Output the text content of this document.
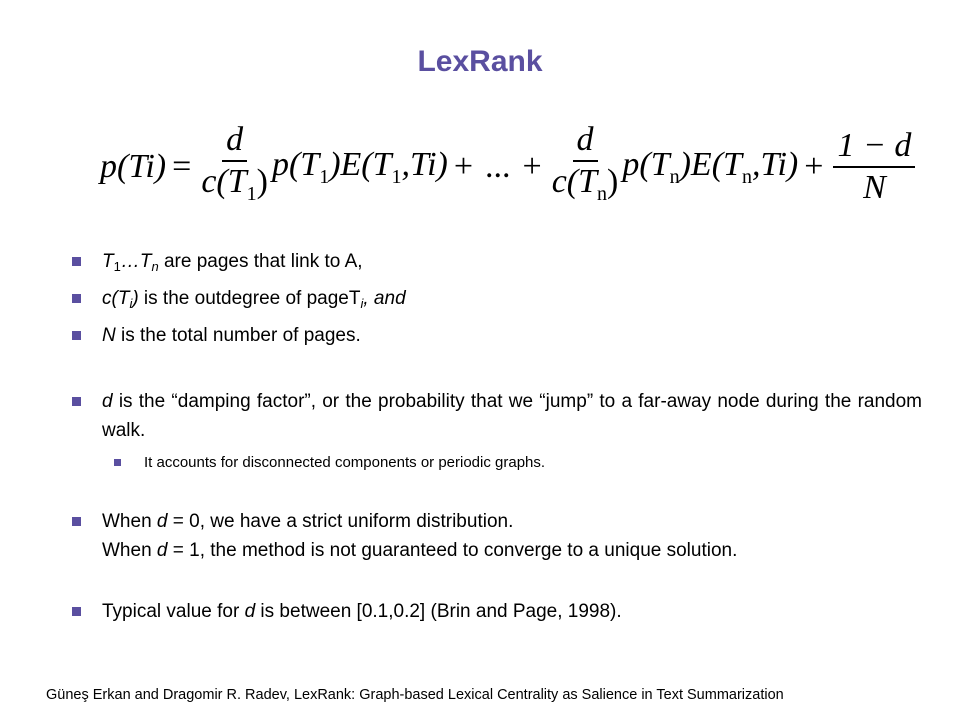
LexRank
$p(Ti) = \frac{d}{c(T_1)} p(T_1)E(T_1,Ti)$ + ... + $\frac{d}{c(T_n)} p(T_n)E(T_n,Ti) + \frac{1 - d}{N}$
$T_1\dots T_n$ are pages that link to A,
$c(T_i)$ is the outdegree of pageT$_i$, and
N is the total number of pages.
d is the “damping factor”, or the probability that we “jump” to a far-away node during the random walk.
It accounts for disconnected components or periodic graphs.
When d = 0, we have a strict uniform distribution.
When d = 1, the method is not guaranteed to converge to a unique solution.
Typical value for d is between [0.1,0.2] (Brin and Page, 1998).
Güneş Erkan and Dragomir R. Radev, LexRank: Graph-based Lexical Centrality as Salience in Text Summarization
